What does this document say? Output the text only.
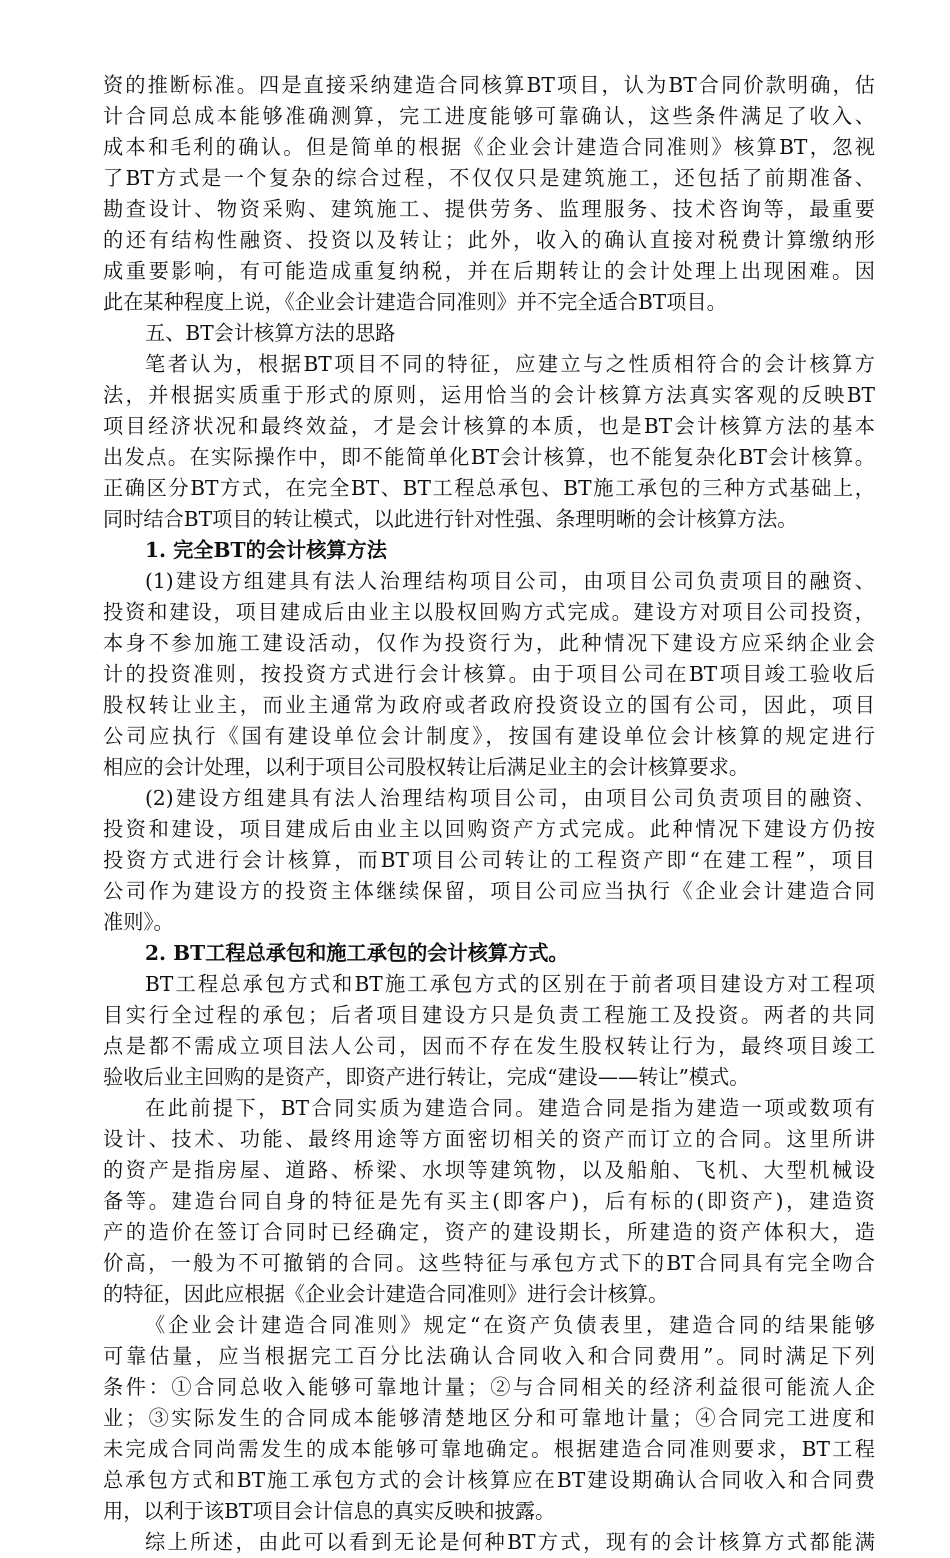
资的推断标准。四是直接采纳建造合同核算BT项目，认为BT合同价款明确，估
计合同总成本能够准确测算，完工进度能够可靠确认，这些条件满足了收入、
成本和毛利的确认。但是简单的根据《企业会计建造合同准则》核算BT，忽视
了BT方式是一个复杂的综合过程，不仅仅只是建筑施工，还包括了前期准备、
勘查设计、物资采购、建筑施工、提供劳务、监理服务、技术咨询等，最重要
的还有结构性融资、投资以及转让；此外，收入的确认直接对税费计算缴纳形
成重要影响，有可能造成重复纳税，并在后期转让的会计处理上出现困难。因
此在某种程度上说，《企业会计建造合同准则》并不完全适合BT项目。
五、BT会计核算方法的思路
笔者认为，根据BT项目不同的特征，应建立与之性质相符合的会计核算方
法，并根据实质重于形式的原则，运用恰当的会计核算方法真实客观的反映BT
项目经济状况和最终效益，才是会计核算的本质，也是BT会计核算方法的基本
出发点。在实际操作中，即不能简单化BT会计核算，也不能复杂化BT会计核算。
正确区分BT方式，在完全BT、BT工程总承包、BT施工承包的三种方式基础上，
同时结合BT项目的转让模式，以此进行针对性强、条理明晰的会计核算方法。
1. 完全BT的会计核算方法
(1)建设方组建具有法人治理结构项目公司，由项目公司负责项目的融资、
投资和建设，项目建成后由业主以股权回购方式完成。建设方对项目公司投资，
本身不参加施工建设活动，仅作为投资行为，此种情况下建设方应采纳企业会
计的投资准则，按投资方式进行会计核算。由于项目公司在BT项目竣工验收后
股权转让业主，而业主通常为政府或者政府投资设立的国有公司，因此，项目
公司应执行《国有建设单位会计制度》，按国有建设单位会计核算的规定进行
相应的会计处理，以利于项目公司股权转让后满足业主的会计核算要求。
(2)建设方组建具有法人治理结构项目公司，由项目公司负责项目的融资、
投资和建设，项目建成后由业主以回购资产方式完成。此种情况下建设方仍按
投资方式进行会计核算，而BT项目公司转让的工程资产即“在建工程”，项目
公司作为建设方的投资主体继续保留，项目公司应当执行《企业会计建造合同
准则》。
2. BT工程总承包和施工承包的会计核算方式。
BT工程总承包方式和BT施工承包方式的区别在于前者项目建设方对工程项
目实行全过程的承包；后者项目建设方只是负责工程施工及投资。两者的共同
点是都不需成立项目法人公司，因而不存在发生股权转让行为，最终项目竣工
验收后业主回购的是资产，即资产进行转让，完成“建设——转让”模式。
在此前提下，BT合同实质为建造合同。建造合同是指为建造一项或数项有
设计、技术、功能、最终用途等方面密切相关的资产而订立的合同。这里所讲
的资产是指房屋、道路、桥梁、水坝等建筑物，以及船舶、飞机、大型机械设
备等。建造台同自身的特征是先有买主(即客户)，后有标的(即资产)，建造资
产的造价在签订合同时已经确定，资产的建设期长，所建造的资产体积大，造
价高，一般为不可撤销的合同。这些特征与承包方式下的BT合同具有完全吻合
的特征，因此应根据《企业会计建造合同准则》进行会计核算。
《企业会计建造合同准则》规定“在资产负债表里，建造合同的结果能够
可靠估量，应当根据完工百分比法确认合同收入和合同费用”。同时满足下列
条件：①合同总收入能够可靠地计量；②与合同相关的经济利益很可能流人企
业；③实际发生的合同成本能够清楚地区分和可靠地计量；④合同完工进度和
未完成合同尚需发生的成本能够可靠地确定。根据建造合同准则要求，BT工程
总承包方式和BT施工承包方式的会计核算应在BT建设期确认合同收入和合同费
用，以利于该BT项目会计信息的真实反映和披露。
综上所述，由此可以看到无论是何种BT方式，现有的会计核算方式都能满
